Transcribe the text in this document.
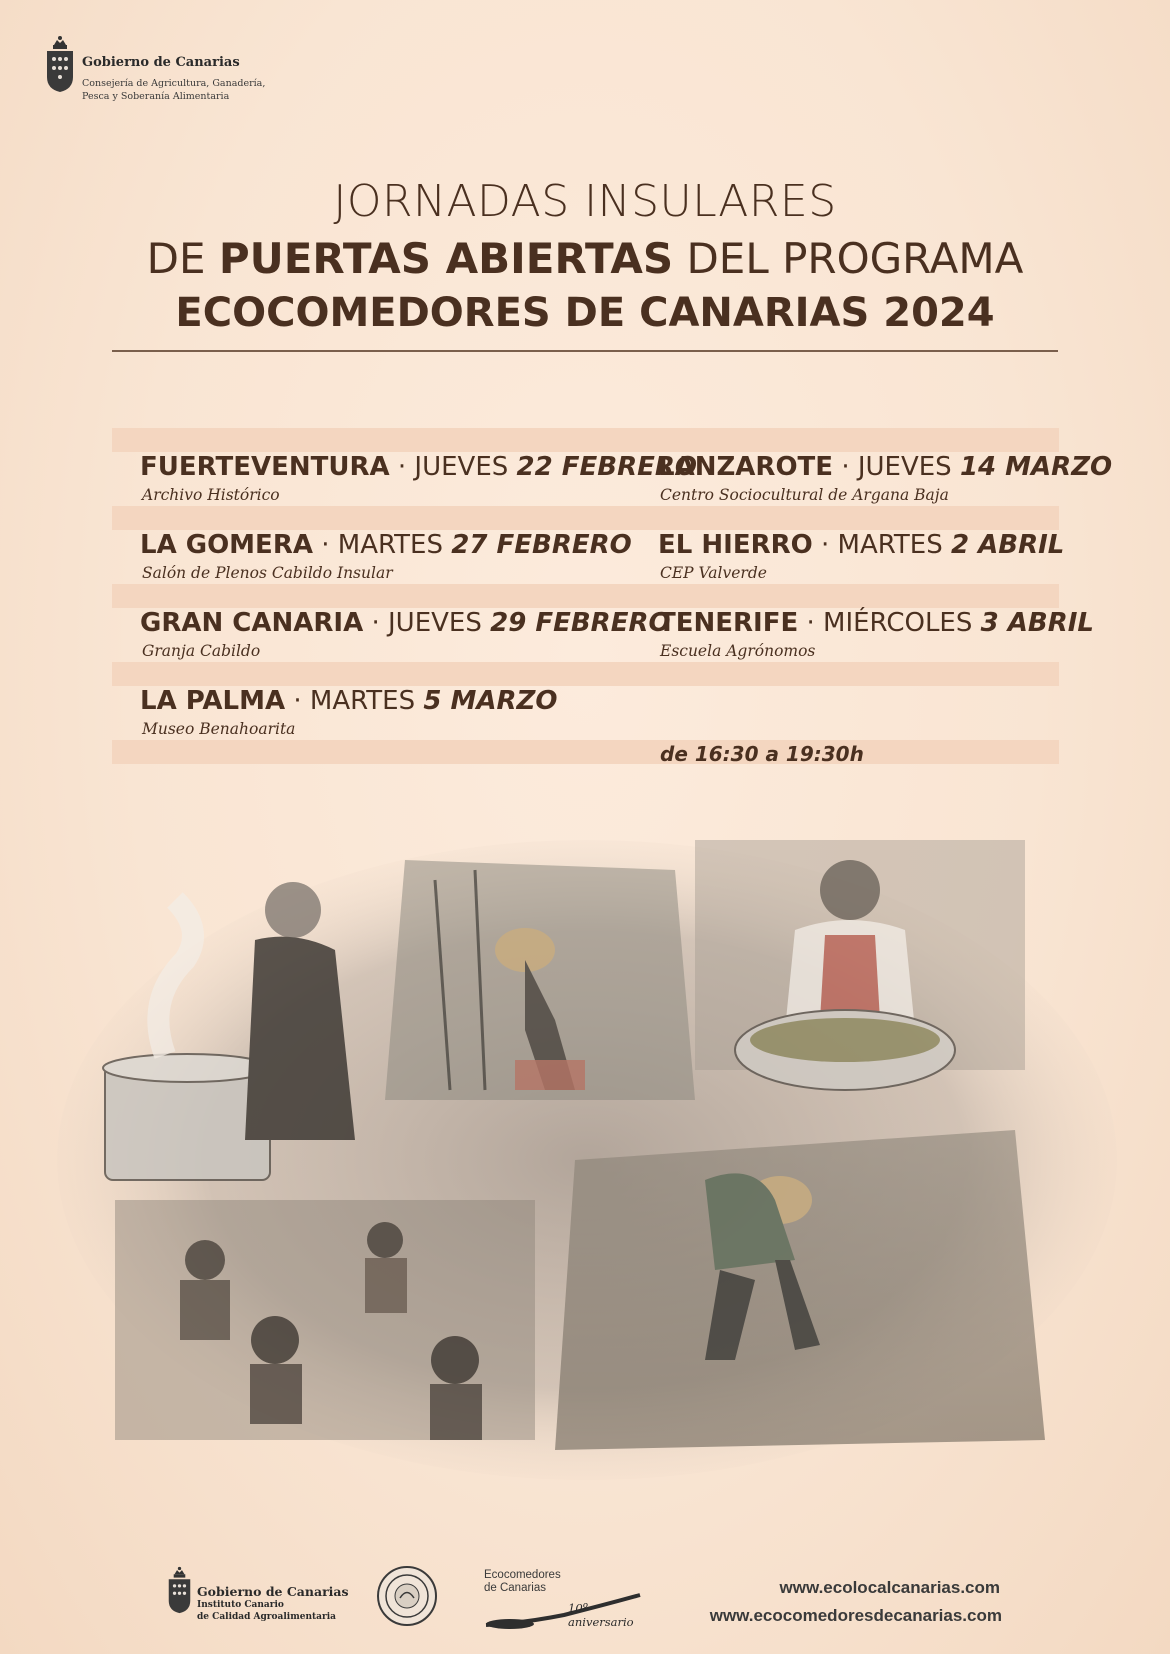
Gobierno de Canarias
Consejería de Agricultura, Ganadería,
Pesca y Soberanía Alimentaria
JORNADAS INSULARES
DE PUERTAS ABIERTAS DEL PROGRAMA
ECOCOMEDORES DE CANARIAS 2024
FUERTEVENTURA · JUEVES 22 FEBRERO
Archivo Histórico
LANZAROTE · JUEVES 14 MARZO
Centro Sociocultural de Argana Baja
LA GOMERA · MARTES 27 FEBRERO
Salón de Plenos Cabildo Insular
EL HIERRO · MARTES 2 ABRIL
CEP Valverde
GRAN CANARIA · JUEVES 29 FEBRERO
Granja Cabildo
TENERIFE · MIÉRCOLES 3 ABRIL
Escuela Agrónomos
LA PALMA · MARTES 5 MARZO
Museo Benahoarita
de 16:30 a 19:30h
Gobierno de Canarias
Instituto Canario
de Calidad Agroalimentaria
Ecocomedores
de Canarias
10º
aniversario
www.ecolocalcanarias.com
www.ecocomedoresdecanarias.com
